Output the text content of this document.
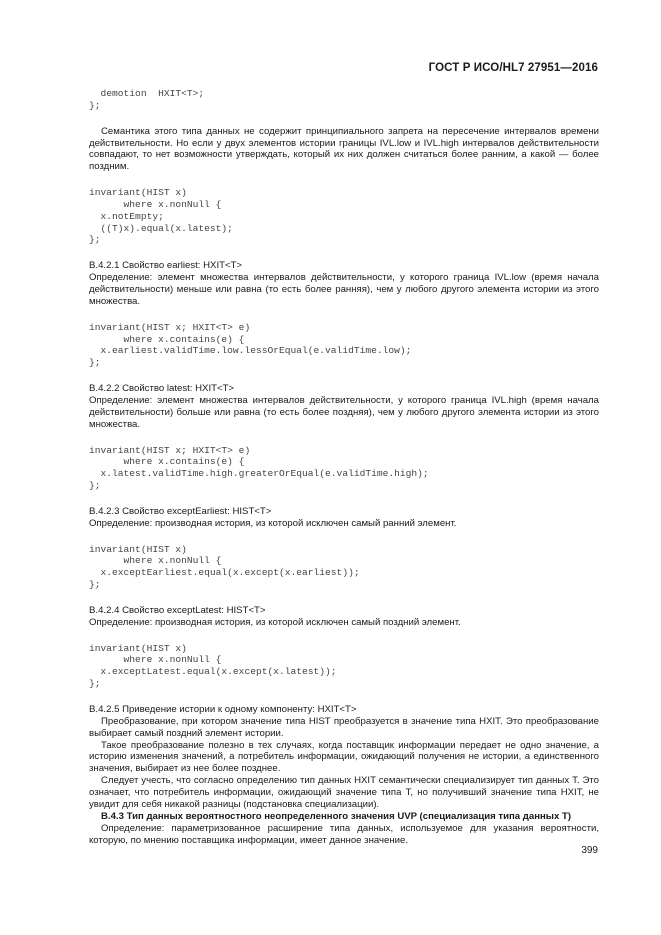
ГОСТ Р ИСО/HL7 27951—2016
demotion  HXIT<T>;
};

Семантика этого типа данных не содержит принципиального запрета на пересечение интервалов времени действительности. Но если у двух элементов истории границы IVL.low и IVL.high интервалов действительности совпадают, то нет возможности утверждать, который их них должен считаться более ранним, а какой — более поздним.

invariant(HIST x)
where x.nonNull {
x.notEmpty;
((T)x).equal(x.latest);
};

B.4.2.1 Свойство earliest: HXIT<T>

Определение: элемент множества интервалов действительности, у которого граница IVL.low (время начала действительности) меньше или равна (то есть более ранняя), чем у любого другого элемента истории из этого множества.

invariant(HIST x; HXIT<T> e)
where x.contains(e) {
x.earliest.validTime.low.lessOrEqual(e.validTime.low);
};

B.4.2.2 Свойство latest: HXIT<T>

Определение: элемент множества интервалов действительности, у которого граница IVL.high (время начала действительности) больше или равна (то есть более поздняя), чем у любого другого элемента истории из этого множества.

invariant(HIST x; HXIT<T> e)
where x.contains(e) {
x.latest.validTime.high.greaterOrEqual(e.validTime.high);
};

B.4.2.3 Свойство exceptEarliest: HIST<T>

Определение: производная история, из которой исключен самый ранний элемент.

invariant(HIST x)
where x.nonNull {
x.exceptEarliest.equal(x.except(x.earliest));
};

B.4.2.4 Свойство exceptLatest: HIST<T>

Определение: производная история, из которой исключен самый поздний элемент.

invariant(HIST x)
where x.nonNull {
x.exceptLatest.equal(x.except(x.latest));
};

B.4.2.5 Приведение истории к одному компоненту: HXIT<T>

Преобразование, при котором значение типа HIST преобразуется в значение типа HXIT. Это преобразование выбирает самый поздний элемент истории.

Такое преобразование полезно в тех случаях, когда поставщик информации передает не одно значение, а историю изменения значений, а потребитель информации, ожидающий получения не истории, а единственного значения, выбирает из нее более позднее.

Следует учесть, что согласно определению тип данных HXIT семантически специализирует тип данных T. Это означает, что потребитель информации, ожидающий значение типа T, но получивший значение типа HXIT, не увидит для себя никакой разницы (подстановка специализации).

B.4.3 Тип данных вероятностного неопределенного значения UVP (специализация типа данных T)

Определение: параметризованное расширение типа данных, используемое для указания вероятности, которую, по мнению поставщика информации, имеет данное значение.

399
